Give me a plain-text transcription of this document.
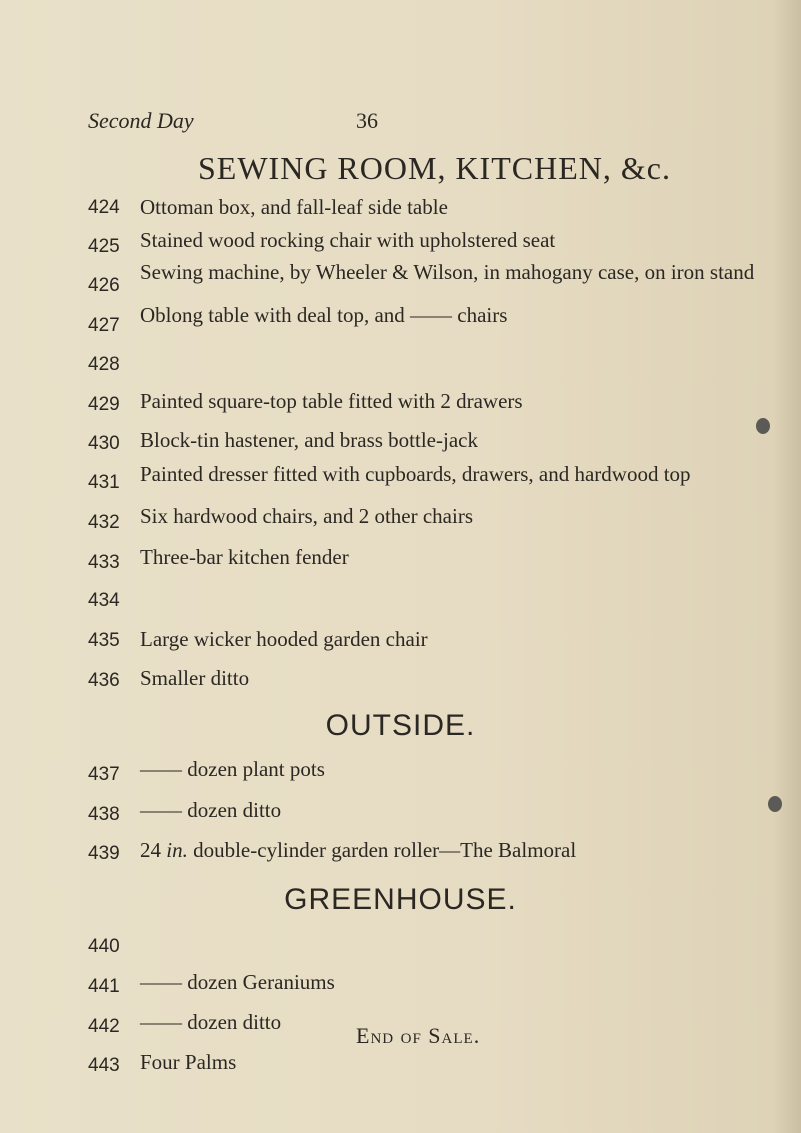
Second Day	36
SEWING ROOM, KITCHEN, &c.
424 Ottoman box, and fall-leaf side table
425 Stained wood rocking chair with upholstered seat
426
Sewing machine, by Wheeler & Wilson, in mahogany case, on iron stand
427 Oblong table with deal top, and —— chairs
428
429 Painted square-top table fitted with 2 drawers
430 Block-tin hastener, and brass bottle-jack
431 Painted dresser fitted with cupboards, drawers, and hardwood top
432 Six hardwood chairs, and 2 other chairs
433 Three-bar kitchen fender
434
435 Large wicker hooded garden chair
436 Smaller ditto
OUTSIDE.
437 —— dozen plant pots
438 —— dozen ditto
439 24 in. double-cylinder garden roller—The Balmoral
GREENHOUSE.
440
441 —— dozen Geraniums
442 —— dozen ditto
443 Four Palms
End of Sale.
